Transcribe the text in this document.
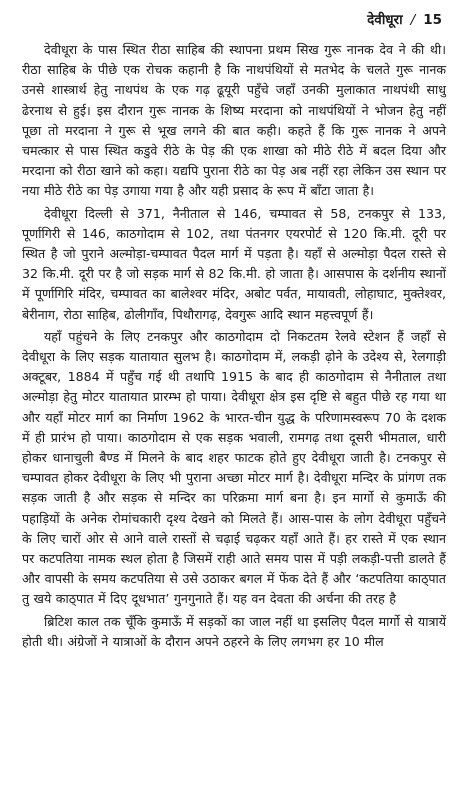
देवीधूरा / 15

देवीधूरा के पास स्थित रीठा साहिब की स्थापना प्रथम सिख गुरू नानक देव ने की थी। रीठा साहिब के पीछे एक रोचक कहानी है कि नाथपंथियों से मतभेद के चलते गुरू नानक उनसे शास्त्रार्थ हेतु नाथपंथ के एक गढ़ ढूयूरी पहुँचे जहाँ उनकी मुलाकात नाथपंथी साधु ढेरनाथ से हुई। इस दौरान गुरू नानक के शिष्य मरदाना को नाथपंथियों ने भोजन हेतु नहीं पूछा तो मरदाना ने गुरू से भूख लगने की बात कही। कहते हैं कि गुरू नानक ने अपने चमत्कार से पास स्थित कडुवे रीठे के पेड़ की एक शाखा को मीठे रीठे में बदल दिया और मरदाना को रीठा खाने को कहा। यद्यपि पुराना रीठे का पेड़ अब नहीं रहा लेकिन उस स्थान पर नया मीठे रीठे का पेड़ उगाया गया है और यही प्रसाद के रूप में बाँटा जाता है।

देवीधूरा दिल्ली से 371, नैनीताल से 146, चम्पावत से 58, टनकपुर से 133, पूर्णागिरी से 146, काठगोदाम से 102, तथा पंतनगर एयरपोर्ट से 120 कि.मी. दूरी पर स्थित है जो पुराने अल्मोड़ा-चम्पावत पैदल मार्ग में पड़ता है। यहाँ से अल्मोड़ा पैदल रास्ते से 32 कि.मी. दूरी पर है जो सड़क मार्ग से 82 कि.मी. हो जाता है। आसपास के दर्शनीय स्थानों में पूर्णागिरि मंदिर, चम्पावत का बालेश्वर मंदिर, अबोट पर्वत, मायावती, लोहाघाट, मुक्तेश्वर, बेरीनाग, रोठा साहिब, ढोलीगाँव, पिथौरागढ़, देवगुरू आदि स्थान महत्त्वपूर्ण हैं।

यहाँ पहुंचने के लिए टनकपुर और काठगोदाम दो निकटतम रेलवे स्टेशन हैं जहाँ से देवीधूरा के लिए सड़क यातायात सुलभ है। काठगोदाम में, लकड़ी ढ़ोने के उदेश्य से, रेलगाड़ी अक्टूबर, 1884 में पहुँच गई थी तथापि 1915 के बाद ही काठगोदाम से नैनीताल तथा अल्मोड़ा हेतु मोटर यातायात प्रारम्भ हो पाया। देवीधूरा क्षेत्र इस दृष्टि से बहुत पीछे रह गया था और यहाँ मोटर मार्ग का निर्माण 1962 के भारत-चीन युद्ध के परिणामस्वरूप 70 के दशक में ही प्रारंभ हो पाया। काठगोदाम से एक सड़क भवाली, रामगढ़ तथा दूसरी भीमताल, धारी होकर धानाचुली बैण्ड में मिलने के बाद शहर फाटक होते हुए देवीधूरा जाती है। टनकपुर से चम्पावत होकर देवीधूरा के लिए भी पुराना अच्छा मोटर मार्ग है। देवीधूरा मन्दिर के प्रांगण तक सड़क जाती है और सड़क से मन्दिर का परिक्रमा मार्ग बना है। इन मार्गो से कुमाऊँ की पहाड़ियों के अनेक रोमांचकारी दृश्य देखने को मिलते हैं। आस-पास के लोग देवीधूरा पहुँचने के लिए चारों ओर से आने वाले रास्तों से चढ़ाई चढ़कर यहाँ आते हैं। हर रास्ते में एक स्थान पर कटपतिया नामक स्थल होता है जिसमें राही आते समय पास में पड़ी लकड़ी-पत्ती डालते हैं और वापसी के समय कटपतिया से उसे उठाकर बगल में फेंक देते हैं और ‘कटपतिया काठ्पात तु खये काठ्पात में दिए दूधभात’ गुनगुनाते हैं। यह वन देवता की अर्चना की तरह है

ब्रिटिश काल तक चूँकि कुमाऊँ में सड़कों का जाल नहीं था इसलिए पैदल मार्गो से यात्रायें होती थी। अंग्रेजों ने यात्राओं के दौरान अपने ठहरने के लिए लगभग हर 10 मील
